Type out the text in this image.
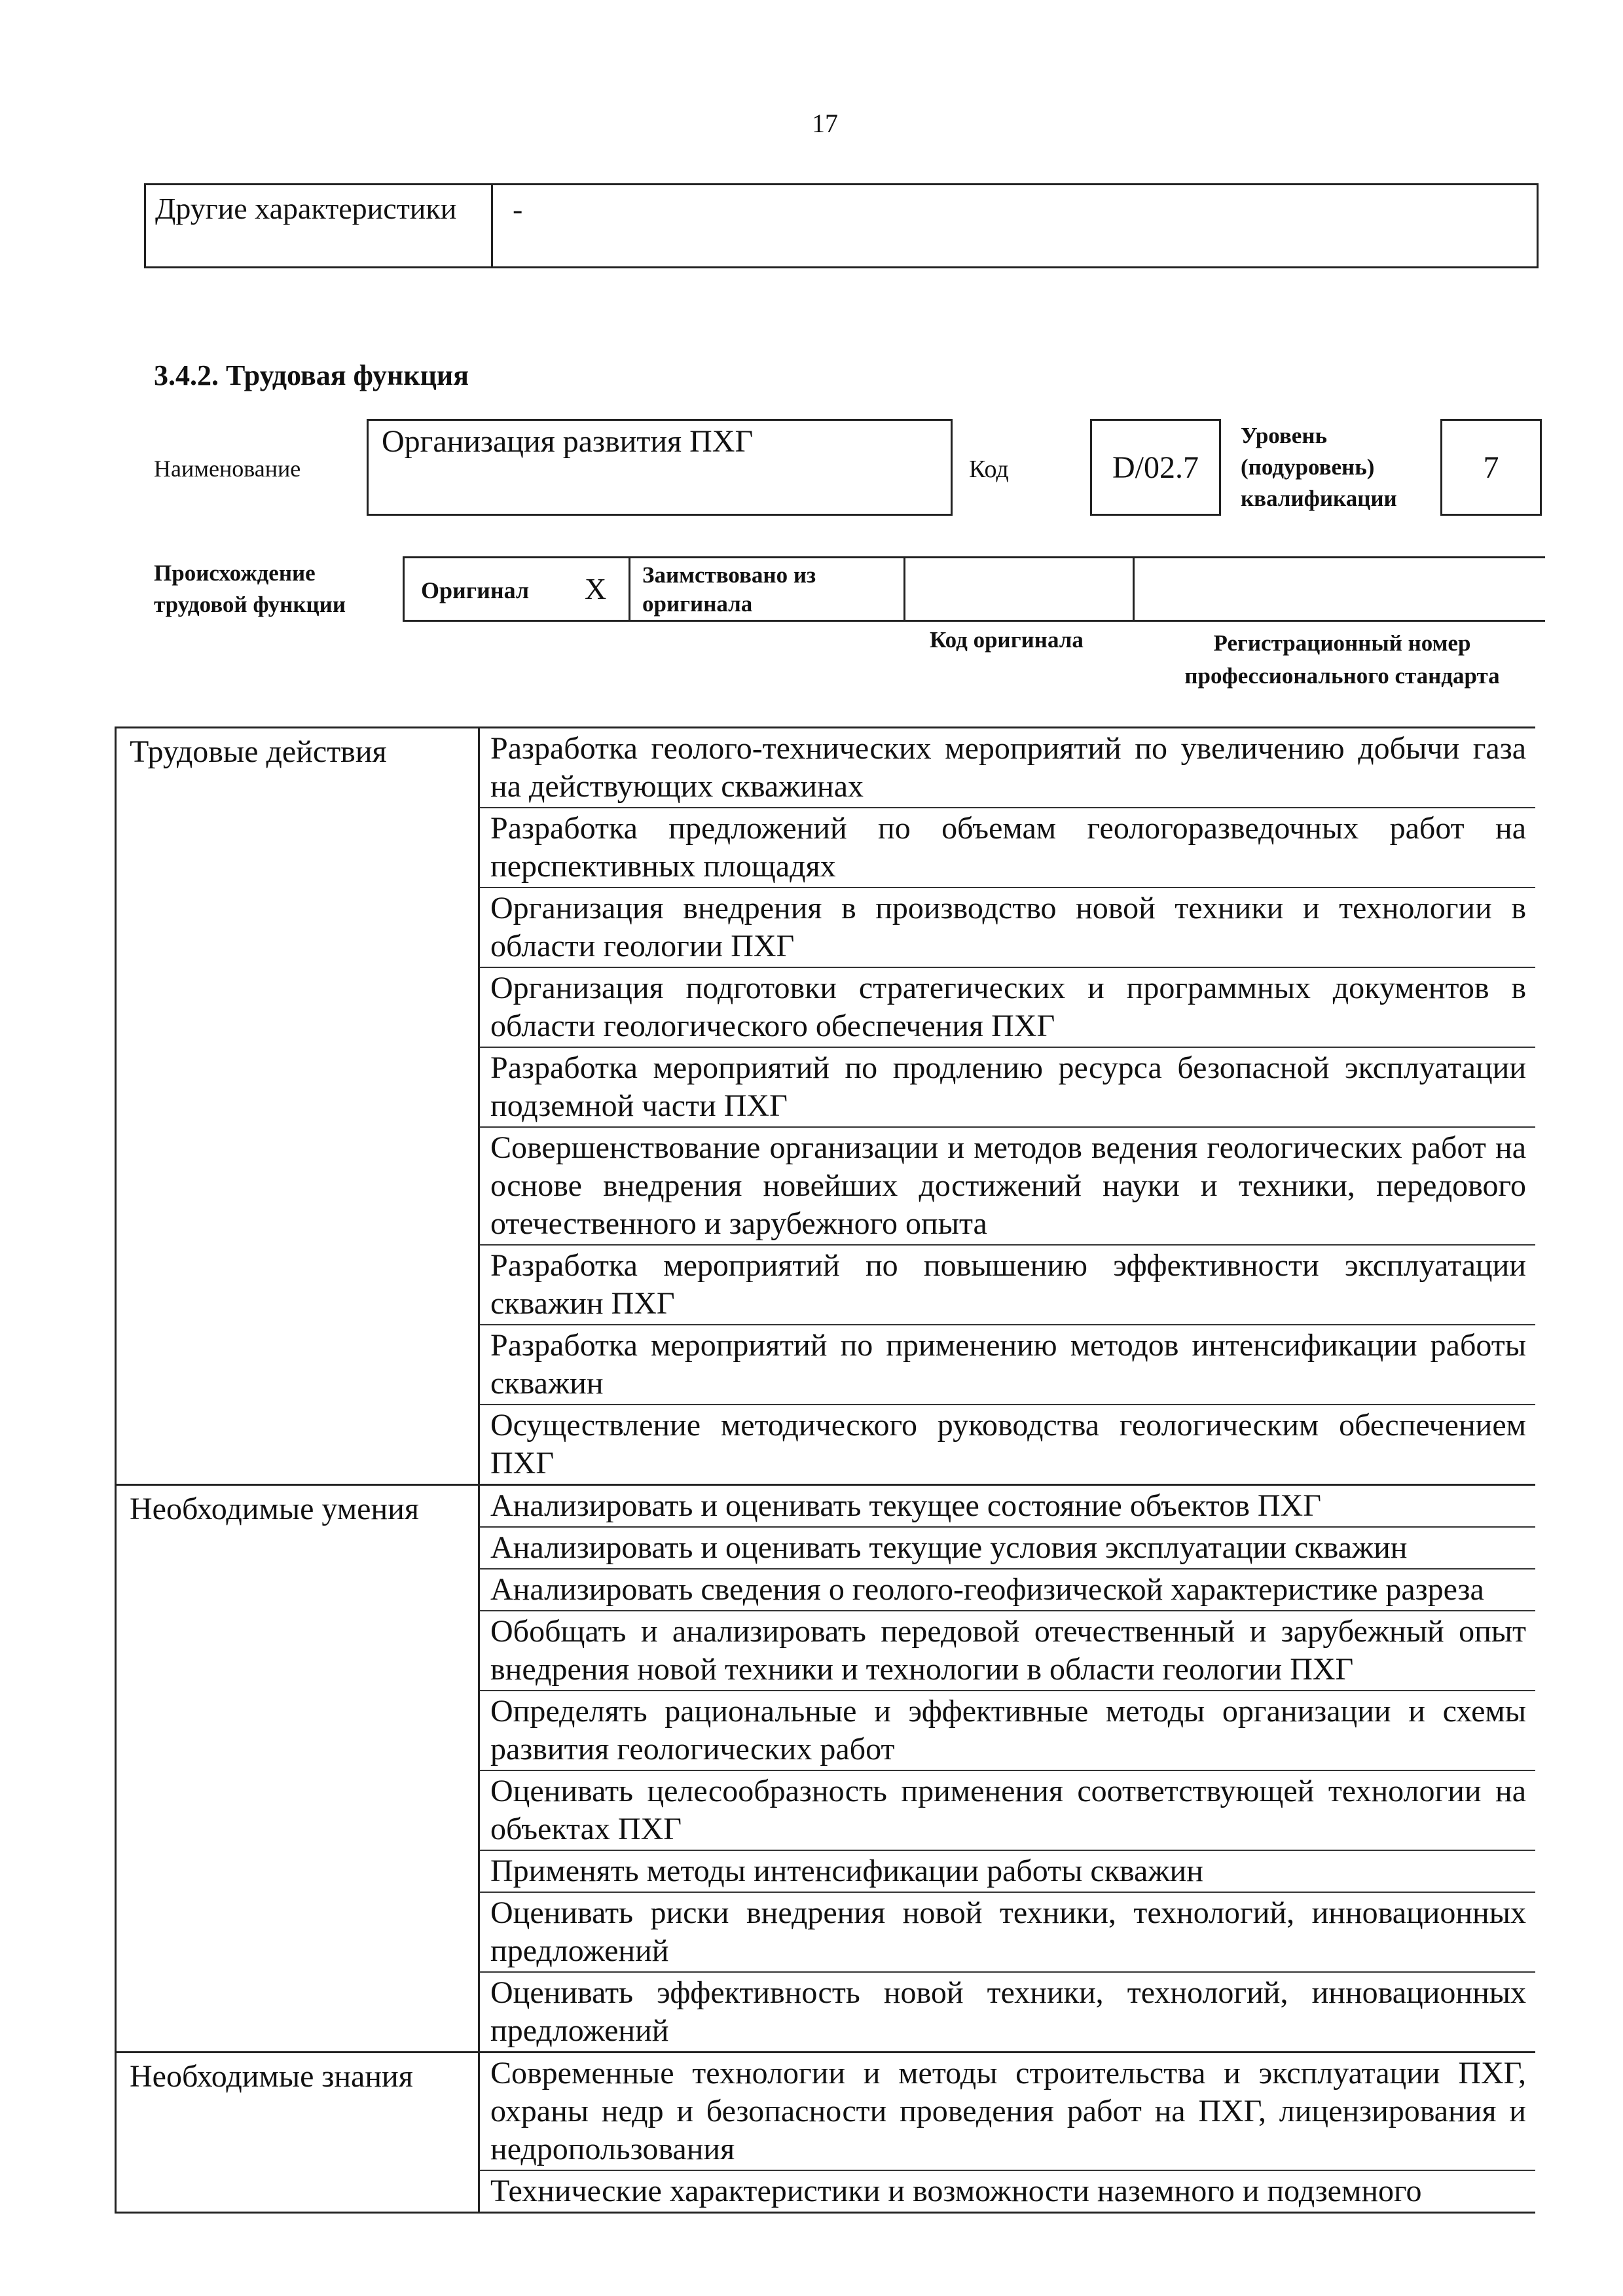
17
Другие характеристики	-
3.4.2. Трудовая функция
Наименование
Организация развития ПХГ
Код	D/02.7
Уровень (подуровень) квалификации
7
Происхождение трудовой функции
Оригинал X	Заимствовано из оригинала
Код оригинала	Регистрационный номер профессионального стандарта
Трудовые действия	Разработка геолого-технических мероприятий по увеличению добычи газа на действующих скважинах
Разработка предложений по объемам геологоразведочных работ на перспективных площадях
Организация внедрения в производство новой техники и технологии в области геологии ПХГ
Организация подготовки стратегических и программных документов в области геологического обеспечения ПХГ
Разработка мероприятий по продлению ресурса безопасной эксплуатации подземной части ПХГ
Совершенствование организации и методов ведения геологических работ на основе внедрения новейших достижений науки и техники, передового отечественного и зарубежного опыта
Разработка мероприятий по повышению эффективности эксплуатации скважин ПХГ
Разработка мероприятий по применению методов интенсификации работы скважин
Осуществление методического руководства геологическим обеспечением ПХГ
Необходимые умения	Анализировать и оценивать текущее состояние объектов ПХГ
Анализировать и оценивать текущие условия эксплуатации скважин
Анализировать сведения о геолого-геофизической характеристике разреза
Обобщать и анализировать передовой отечественный и зарубежный опыт внедрения новой техники и технологии в области геологии ПХГ
Определять рациональные и эффективные методы организации и схемы развития геологических работ
Оценивать целесообразность применения соответствующей технологии на объектах ПХГ
Применять методы интенсификации работы скважин
Оценивать риски внедрения новой техники, технологий, инновационных предложений
Оценивать эффективность новой техники, технологий, инновационных предложений
Необходимые знания	Современные технологии и методы строительства и эксплуатации ПХГ, охраны недр и безопасности проведения работ на ПХГ, лицензирования и недропользования
Технические характеристики и возможности наземного и подземного
